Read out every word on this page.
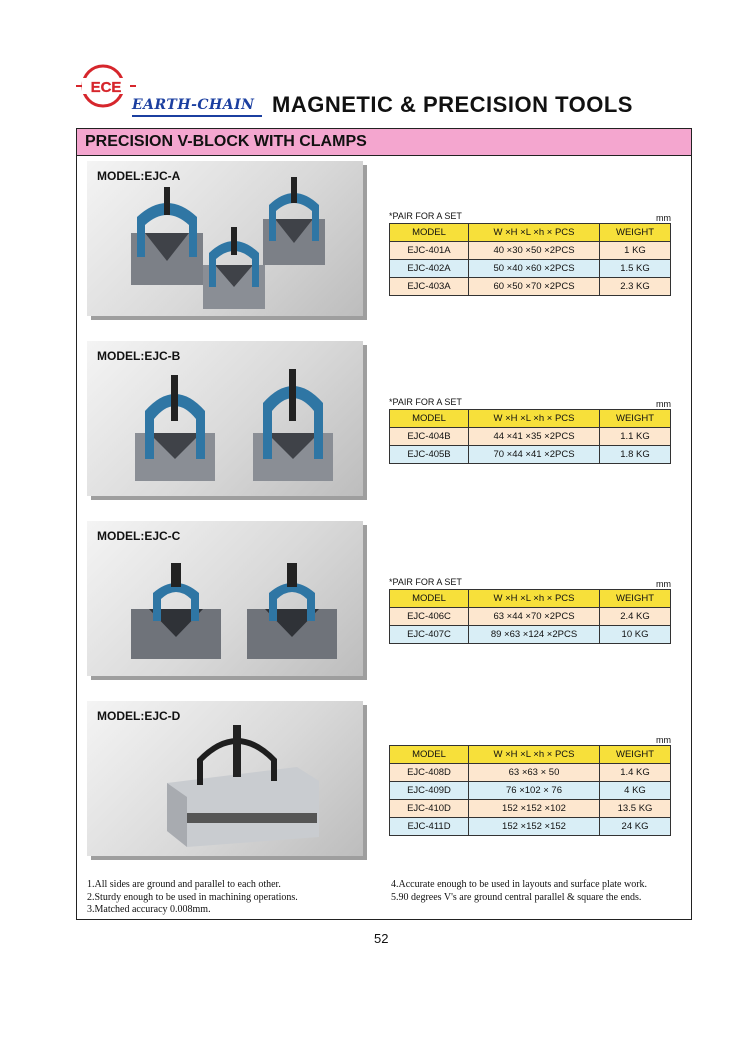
ECE
EARTH-CHAIN MAGNETIC & PRECISION TOOLS
PRECISION V-BLOCK WITH CLAMPS
MODEL:EJC-A
MODEL:EJC-B
MODEL:EJC-C
MODEL:EJC-D
*PAIR FOR A SET	mm
MODEL	W ×H ×L ×h × PCS	WEIGHT
EJC-401A	40 ×30 ×50 ×2PCS	1 KG
EJC-402A	50 ×40 ×60 ×2PCS	1.5 KG
EJC-403A	60 ×50 ×70 ×2PCS	2.3 KG
*PAIR FOR A SET	mm
MODEL	W ×H ×L ×h × PCS	WEIGHT
EJC-404B	44 ×41 ×35 ×2PCS	1.1 KG
EJC-405B	70 ×44 ×41 ×2PCS	1.8 KG
*PAIR FOR A SET	mm
MODEL	W ×H ×L ×h × PCS	WEIGHT
EJC-406C	63 ×44 ×70 ×2PCS	2.4 KG
EJC-407C	89 ×63 ×124 ×2PCS	10 KG
mm
MODEL	W ×H ×L ×h × PCS	WEIGHT
EJC-408D	63 ×63 × 50	1.4 KG
EJC-409D	76 ×102 × 76	4 KG
EJC-410D	152 ×152 ×102	13.5 KG
EJC-411D	152 ×152 ×152	24 KG
1.All sides are ground and parallel to each other.
2.Sturdy enough to be used in machining operations.
3.Matched accuracy 0.008mm.
4.Accurate enough to be used in layouts and surface plate work.
5.90 degrees V's are ground central parallel & square the ends.
52
